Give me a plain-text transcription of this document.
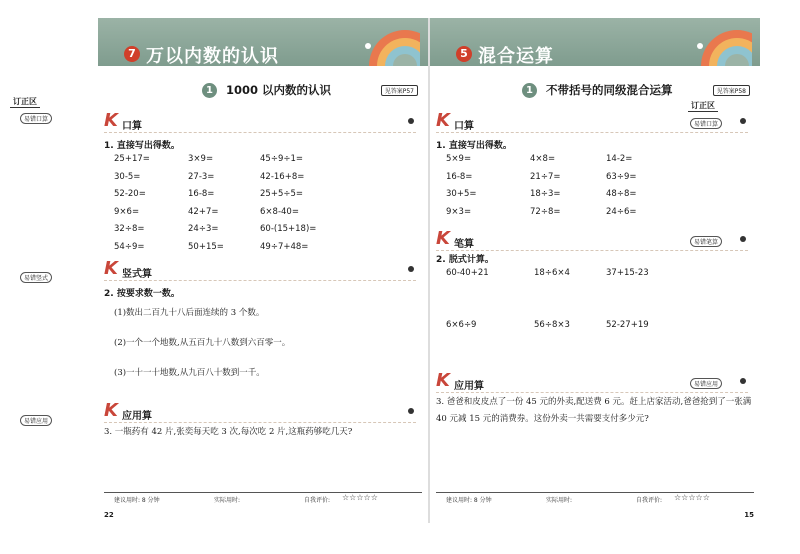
7 万以内数的认识
1	1000 以内数的认识	见答案P57
K 口算
1. 直接写出得数。
25+17=	3×9=	45÷9÷1=
30-5=	27-3=	42-16+8=
52-20=	16-8=	25+5÷5=
9×6=	42+7=	6×8-40=
32÷8=	24÷3=	60-(15+18)=
54÷9=	50+15=	49÷7+48=
K 竖式算
2. 按要求数一数。
(1)数出二百九十八后面连续的 3 个数。
(2)一个一个地数,从五百九十八数到六百零一。
(3)一十一十地数,从九百八十数到一千。
K 应用算
3. 一瓶药有 42 片,张奕每天吃 3 次,每次吃 2 片,这瓶药够吃几天?
建议用时: 8 分钟	实际用时:	自我评价: ☆☆☆☆☆
22
订正区
易错口算
易错竖式
易错应用
5 混合运算
1	不带括号的同级混合运算	见答案P58
K 口算
1. 直接写出得数。
5×9=	4×8=	14-2=
16-8=	21÷7=	63÷9=
30+5=	18÷3=	48÷8=
9×3=	72÷8=	24÷6=
K 笔算
2. 脱式计算。
60-40+21	18÷6×4	37+15-23
6×6÷9	56÷8×3	52-27+19
K 应用算
3. 爸爸和皮皮点了一份 45 元的外卖,配送费 6 元。赶上店家活动,爸爸抢到了一张满 40 元减 15 元的消费券。这份外卖一共需要支付多少元?
建议用时: 8 分钟	实际用时:	自我评价: ☆☆☆☆☆
15
订正区
易错口算
易错笔算
易错应用
